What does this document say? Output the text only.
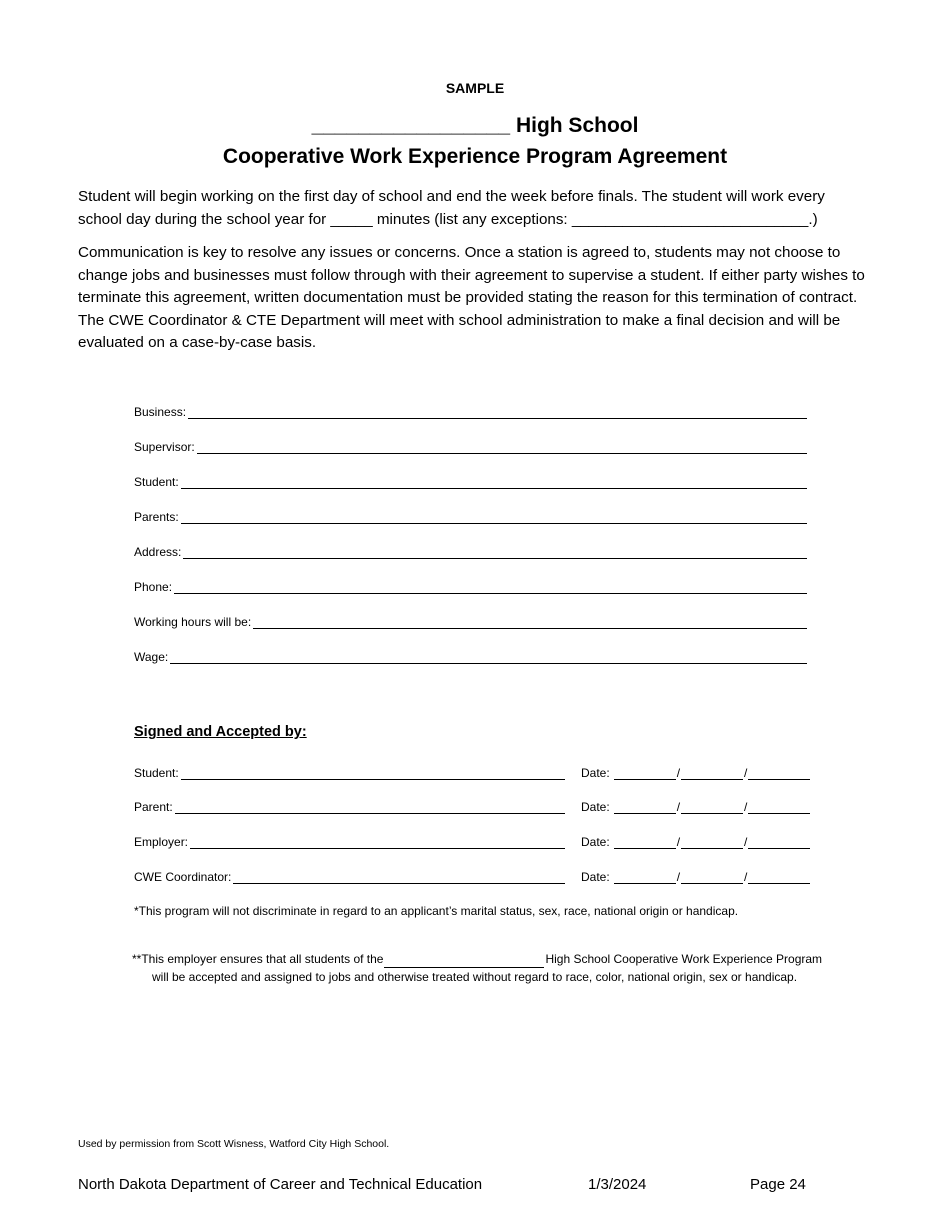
SAMPLE
_________________ High School
Cooperative Work Experience Program Agreement

Student will begin working on the first day of school and end the week before finals. The student will work every school day during the school year for _____ minutes (list any exceptions: ____________________________.)

Communication is key to resolve any issues or concerns. Once a station is agreed to, students may not choose to change jobs and businesses must follow through with their agreement to supervise a student. If either party wishes to terminate this agreement, written documentation must be provided stating the reason for this termination of contract. The CWE Coordinator & CTE Department will meet with school administration to make a final decision and will be evaluated on a case-by-case basis.

Business:
Supervisor:
Student:
Parents:
Address:
Phone:
Working hours will be:
Wage:
Signed and Accepted by:
Student:	Date:	/	/
Parent:	Date:	/	/
Employer:	Date:	/	/
CWE Coordinator:	Date:	/	/
*This program will not discriminate in regard to an applicant’s marital status, sex, race, national origin or handicap.
**This employer ensures that all students of the	High School Cooperative Work Experience Program
will be accepted and assigned to jobs and otherwise treated without regard to race, color, national origin, sex or handicap.
Used by permission from Scott Wisness, Watford City High School.
North Dakota Department of Career and Technical Education	1/3/2024	Page 24
